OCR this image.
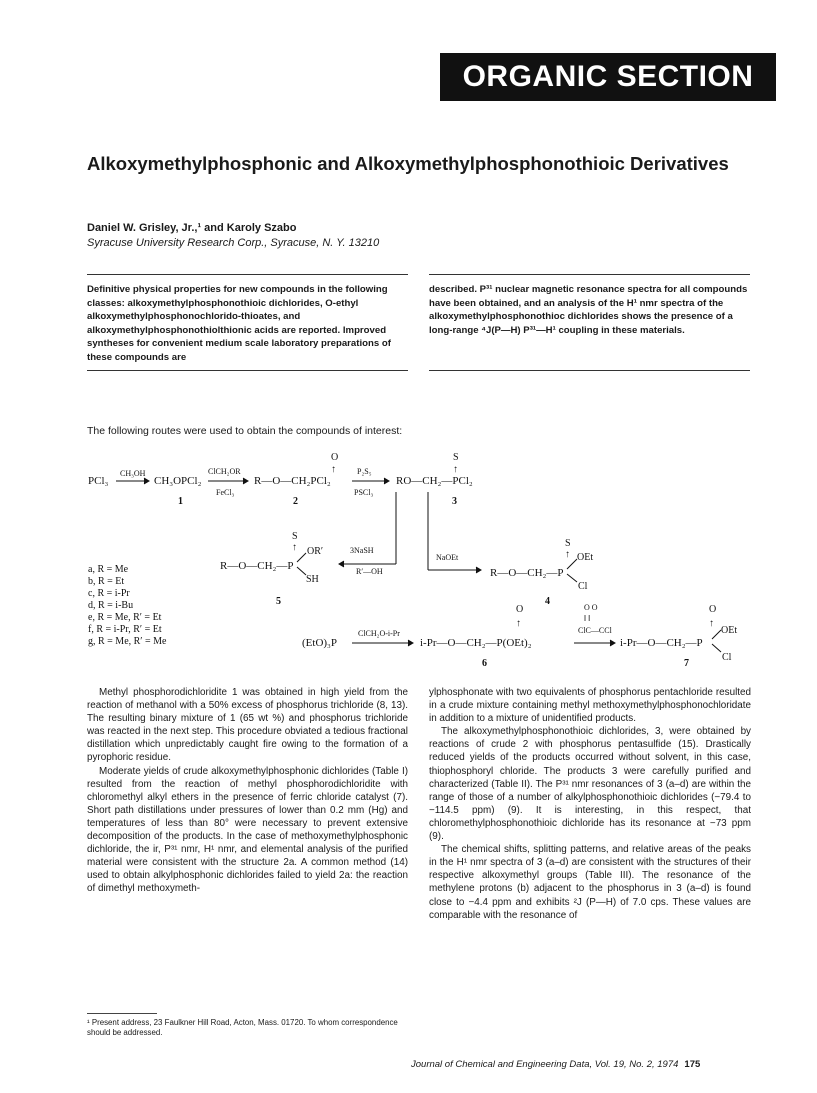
ORGANIC SECTION
Alkoxymethylphosphonic and Alkoxymethylphosphonothioic Derivatives
Daniel W. Grisley, Jr.,¹ and Karoly Szabo
Syracuse University Research Corp., Syracuse, N. Y. 13210

Definitive physical properties for new compounds in the following classes: alkoxymethylphosphonothioic dichlorides, O-ethyl alkoxymethylphosphonochlorido-thioates, and alkoxymethylphosphonothiolthionic acids are reported. Improved syntheses for convenient medium scale laboratory preparations of these compounds are

described. P³¹ nuclear magnetic resonance spectra for all compounds have been obtained, and an analysis of the H¹ nmr spectra of the alkoxymethylphosphonothioc dichlorides shows the presence of a long-range ⁴J(P—H) P³¹—H¹ coupling in these materials.

The following routes were used to obtain the compounds of interest:
PCl₃
CH₃OH
CH₃OPCl₂
1
ClCH₂OR
FeCl₃
O
↑
R—O—CH₂PCl₂
2
P₂S₅
PSCl₃
S
↑
RO—CH₂—PCl₂
3
3NaSH
R′—OH
NaOEt
S
↑
R—O—CH₂—P
OR′
SH
5
S
↑
R—O—CH₂—P
OEt
Cl
4
a, R = Me
b, R = Et
c, R = i-Pr
d, R = i-Bu
e, R = Me, R′ = Et
f, R = i-Pr, R′ = Et
g, R = Me, R′ = Me	(EtO)₃P
ClCH₂O-i-Pr
O
↑
i-Pr—O—CH₂—P(OEt)₂
6
O O
‖ ‖
ClC—CCl
O
↑
i-Pr—O—CH₂—P
OEt
Cl
7

Methyl phosphorodichloridite 1 was obtained in high yield from the reaction of methanol with a 50% excess of phosphorus trichloride (8, 13). The resulting binary mixture of 1 (65 wt %) and phosphorus trichloride was reacted in the next step. This procedure obviated a tedious fractional distillation which unpredictably caught fire owing to the formation of a pyrophoric residue.

Moderate yields of crude alkoxymethylphosphonic dichlorides (Table I) resulted from the reaction of methyl phosphorodichloridite with chloromethyl alkyl ethers in the presence of ferric chloride catalyst (7). Short path distillations under pressures of lower than 0.2 mm (Hg) and temperatures of less than 80° were necessary to prevent extensive decomposition of the products. In the case of methoxymethylphosphonic dichloride, the ir, P³¹ nmr, H¹ nmr, and elemental analysis of the purified material were consistent with the structure 2a. A common method (14) used to obtain alkylphosphonic dichlorides failed to yield 2a: the reaction of dimethyl methoxymeth-

¹ Present address, 23 Faulkner Hill Road, Acton, Mass. 01720. To whom correspondence should be addressed.

ylphosphonate with two equivalents of phosphorus pentachloride resulted in a crude mixture containing methyl methoxymethylphosphonochloridate in addition to a mixture of unidentified products.

The alkoxymethylphosphonothioic dichlorides, 3, were obtained by reactions of crude 2 with phosphorus pentasulfide (15). Drastically reduced yields of the products occurred without solvent, in this case, thiophosphoryl chloride. The products 3 were carefully purified and characterized (Table II). The P³¹ nmr resonances of 3 (a–d) are within the range of those of a number of alkylphosphonothioic dichlorides (−79.4 to −114.5 ppm) (9). It is interesting, in this respect, that chloromethylphosphonothioic dichloride has its resonance at −73 ppm (9).

The chemical shifts, splitting patterns, and relative areas of the peaks in the H¹ nmr spectra of 3 (a–d) are consistent with the structures of their respective alkoxymethyl groups (Table III). The resonance of the methylene protons (b) adjacent to the phosphorus in 3 (a–d) is found close to −4.4 ppm and exhibits ²J (P—H) of 7.0 cps. These values are comparable with the resonance of

Journal of Chemical and Engineering Data, Vol. 19, No. 2, 1974 175
